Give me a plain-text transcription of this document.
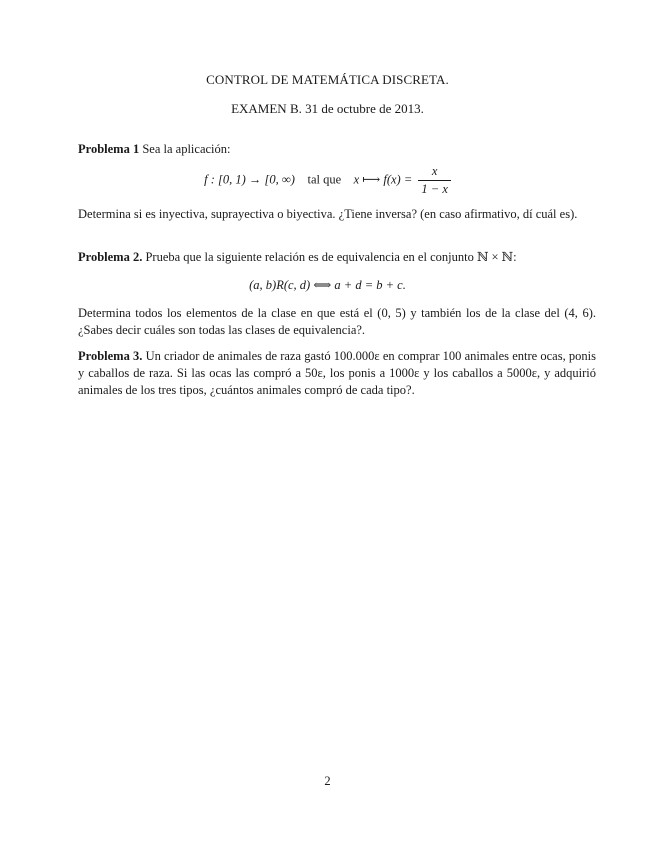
CONTROL DE MATEMÁTICA DISCRETA.
EXAMEN B. 31 de octubre de 2013.
Problema 1 Sea la aplicación:
f : [0, 1) → [0, ∞) tal que x ⟼ $f(x) = \frac{x}{1 - x}$
Determina si es inyectiva, suprayectiva o biyectiva. ¿Tiene inversa? (en caso afirmativo, dí cuál es).
Problema 2. Prueba que la siguiente relación es de equivalencia en el conjunto ℕ × ℕ:
(a, b)R(c, d) ⟺ a + d = b + c.
Determina todos los elementos de la clase en que está el (0, 5) y también los de la clase del (4, 6). ¿Sabes decir cuáles son todas las clases de equivalencia?.
Problema 3. Un criador de animales de raza gastó 100.000ε en comprar 100 animales entre ocas, ponis y caballos de raza. Si las ocas las compró a 50ε, los ponis a 1000ε y los caballos a 5000ε, y adquirió animales de los tres tipos, ¿cuántos animales compró de cada tipo?.
2
